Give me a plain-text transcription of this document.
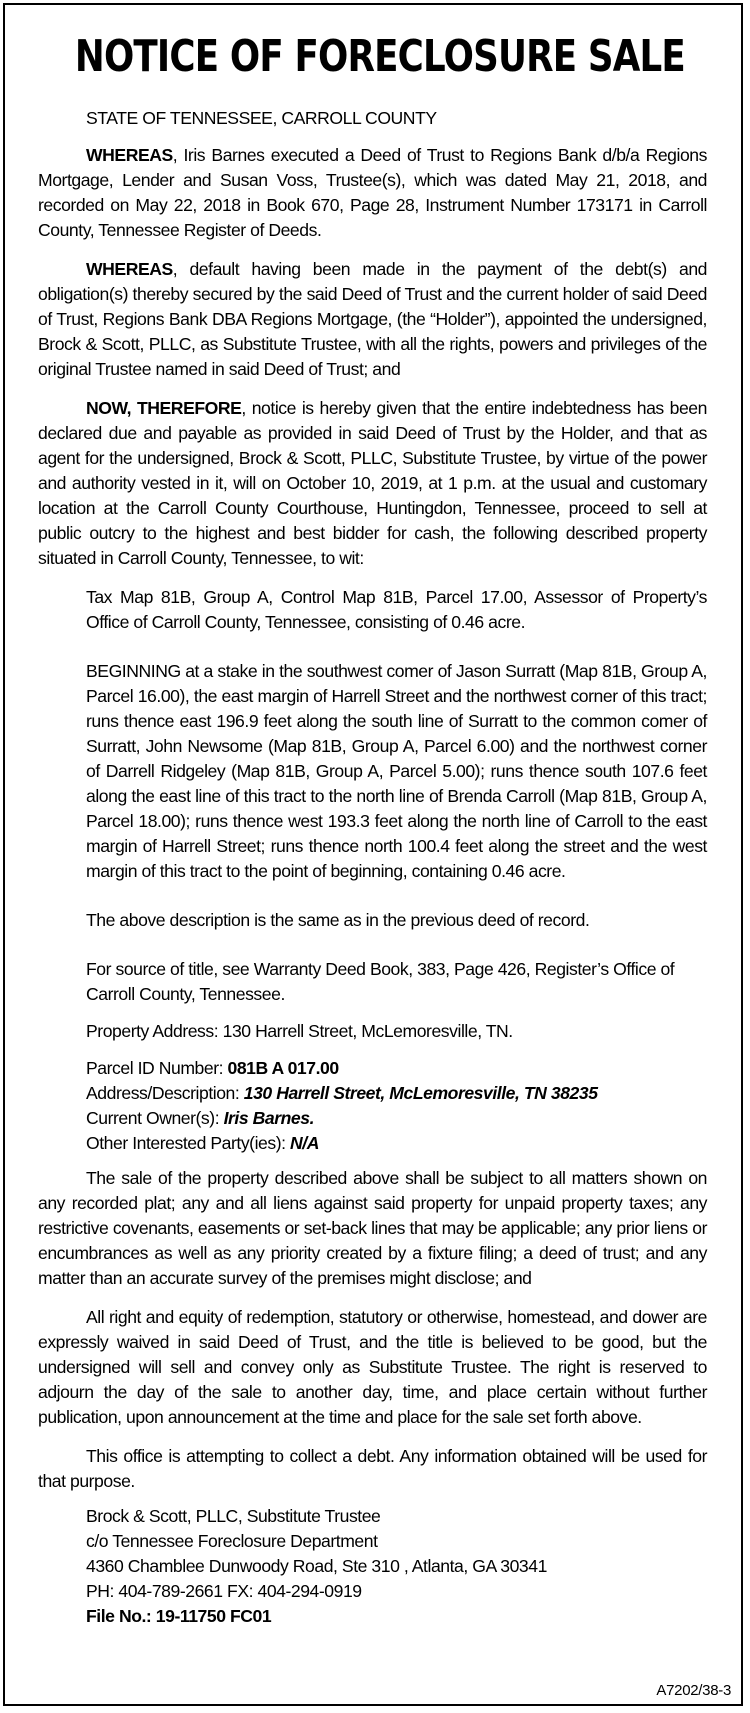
NOTICE OF FORECLOSURE SALE

STATE OF TENNESSEE, CARROLL COUNTY

WHEREAS, Iris Barnes executed a Deed of Trust to Regions Bank d/b/a Regions Mortgage, Lender and Susan Voss, Trustee(s), which was dated May 21, 2018, and recorded on May 22, 2018 in Book 670, Page 28, Instrument Number 173171 in Carroll County, Tennessee Register of Deeds.

WHEREAS, default having been made in the payment of the debt(s) and obligation(s) thereby secured by the said Deed of Trust and the current holder of said Deed of Trust, Regions Bank DBA Regions Mortgage, (the “Holder”), appointed the undersigned, Brock & Scott, PLLC, as Substitute Trustee, with all the rights, powers and privileges of the original Trustee named in said Deed of Trust; and

NOW, THEREFORE, notice is hereby given that the entire indebtedness has been declared due and payable as provided in said Deed of Trust by the Holder, and that as agent for the undersigned, Brock & Scott, PLLC, Substitute Trustee, by virtue of the power and authority vested in it, will on October 10, 2019, at 1 p.m. at the usual and customary location at the Carroll County Courthouse, Huntingdon, Tennessee, proceed to sell at public outcry to the highest and best bidder for cash, the following described property situated in Carroll County, Tennessee, to wit:

Tax Map 81B, Group A, Control Map 81B, Parcel 17.00, Assessor of Property’s Office of Carroll County, Tennessee, consisting of 0.46 acre.

BEGINNING at a stake in the southwest comer of Jason Surratt (Map 81B, Group A, Parcel 16.00), the east margin of Harrell Street and the northwest corner of this tract; runs thence east 196.9 feet along the south line of Surratt to the common comer of Surratt, John Newsome (Map 81B, Group A, Parcel 6.00) and the northwest corner of Darrell Ridgeley (Map 81B, Group A, Parcel 5.00); runs thence south 107.6 feet along the east line of this tract to the north line of Brenda Carroll (Map 81B, Group A, Parcel 18.00); runs thence west 193.3 feet along the north line of Carroll to the east margin of Harrell Street; runs thence north 100.4 feet along the street and the west margin of this tract to the point of beginning, containing 0.46 acre.

The above description is the same as in the previous deed of record.

For source of title, see Warranty Deed Book, 383, Page 426, Register’s Office of Carroll County, Tennessee.

Property Address: 130 Harrell Street, McLemoresville, TN.

Parcel ID Number: 081B A 017.00

Address/Description: 130 Harrell Street, McLemoresville, TN 38235

Current Owner(s): Iris Barnes.

Other Interested Party(ies): N/A

The sale of the property described above shall be subject to all matters shown on any recorded plat; any and all liens against said property for unpaid property taxes; any restrictive covenants, easements or set-back lines that may be applicable; any prior liens or encumbrances as well as any priority created by a fixture filing; a deed of trust; and any matter than an accurate survey of the premises might disclose; and

All right and equity of redemption, statutory or otherwise, homestead, and dower are expressly waived in said Deed of Trust, and the title is believed to be good, but the undersigned will sell and convey only as Substitute Trustee. The right is reserved to adjourn the day of the sale to another day, time, and place certain without further publication, upon announcement at the time and place for the sale set forth above.

This office is attempting to collect a debt. Any information obtained will be used for that purpose.

Brock & Scott, PLLC, Substitute Trustee

c/o Tennessee Foreclosure Department

4360 Chamblee Dunwoody Road, Ste 310 , Atlanta, GA 30341

PH: 404-789-2661 FX: 404-294-0919

File No.: 19-11750 FC01

A7202/38-3
